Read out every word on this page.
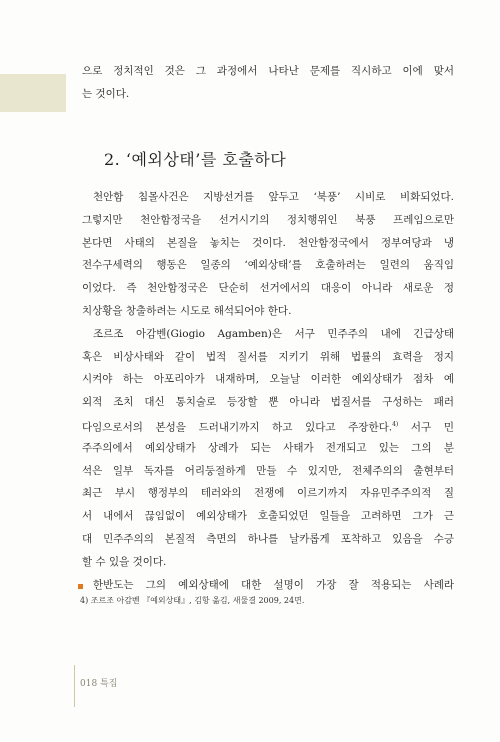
으로 정치적인 것은 그 과정에서 나타난 문제를 직시하고 이에 맞서
는 것이다.
2. ‘예외상태’를 호출하다
천안함 침몰사건은 지방선거를 앞두고 ‘북풍’ 시비로 비화되었다.
그렇지만 천안함정국을 선거시기의 정치행위인 북풍 프레임으로만
본다면 사태의 본질을 놓치는 것이다. 천안함정국에서 정부여당과 냉
전수구세력의 행동은 일종의 ‘예외상태’를 호출하려는 일련의 움직임
이었다. 즉 천안함정국은 단순히 선거에서의 대응이 아니라 새로운 정
치상황을 창출하려는 시도로 해석되어야 한다.
조르조 아감벤(Giogio Agamben)은 서구 민주주의 내에 긴급상태
혹은 비상사태와 같이 법적 질서를 지키기 위해 법률의 효력을 정지
시켜야 하는 아포리아가 내재하며, 오늘날 이러한 예외상태가 점차 예
외적 조치 대신 통치술로 등장할 뿐 아니라 법질서를 구성하는 패러
다임으로서의 본성을 드러내기까지 하고 있다고 주장한다.$^{4)}$ 서구 민
주주의에서 예외상태가 상례가 되는 사태가 전개되고 있는 그의 분
석은 일부 독자를 어리둥절하게 만들 수 있지만, 전체주의의 출현부터
최근 부시 행정부의 테러와의 전쟁에 이르기까지 자유민주주의적 질
서 내에서 끊임없이 예외상태가 호출되었던 일들을 고려하면 그가 근
대 민주주의의 본질적 측면의 하나를 날카롭게 포착하고 있음을 수긍
할 수 있을 것이다.
한반도는 그의 예외상태에 대한 설명이 가장 잘 적용되는 사례라
4) 조르조 아감벤 『예외상태』, 김항 옮김, 새물결 2009, 24면.
018 특집
